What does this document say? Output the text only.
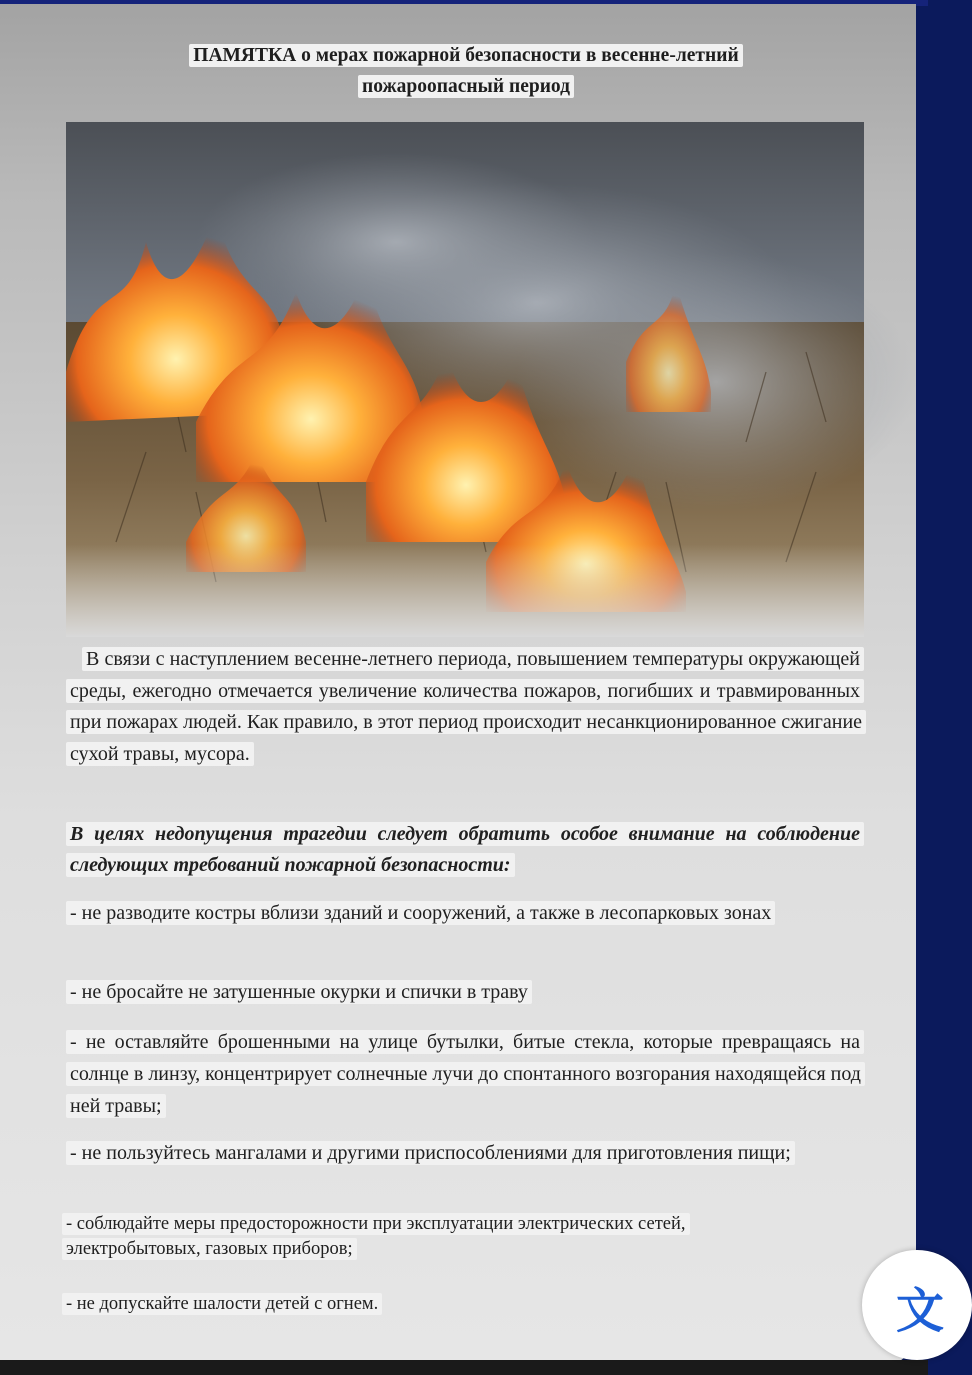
ПАМЯТКА о мерах пожарной безопасности в весенне-летний
пожароопасный период
В связи с наступлением весенне-летнего периода, повышением температуры окружающей среды, ежегодно отмечается увеличение количества пожаров, погибших и травмированных при пожарах людей. Как правило, в этот период происходит несанкционированное сжигание сухой травы, мусора.
В целях недопущения трагедии следует обратить особое внимание на соблюдение следующих требований пожарной безопасности:
- не разводите костры вблизи зданий и сооружений, а также в лесопарковых зонах
- не бросайте не затушенные окурки и спички в траву
- не оставляйте брошенными на улице бутылки, битые стекла, которые превращаясь на солнце в линзу, концентрирует солнечные лучи до спонтанного возгорания находящейся под ней травы;
- не пользуйтесь мангалами и другими приспособлениями для приготовления пищи;
- соблюдайте меры предосторожности при эксплуатации электрических сетей, электробытовых, газовых приборов;
- не допускайте шалости детей с огнем.	文
